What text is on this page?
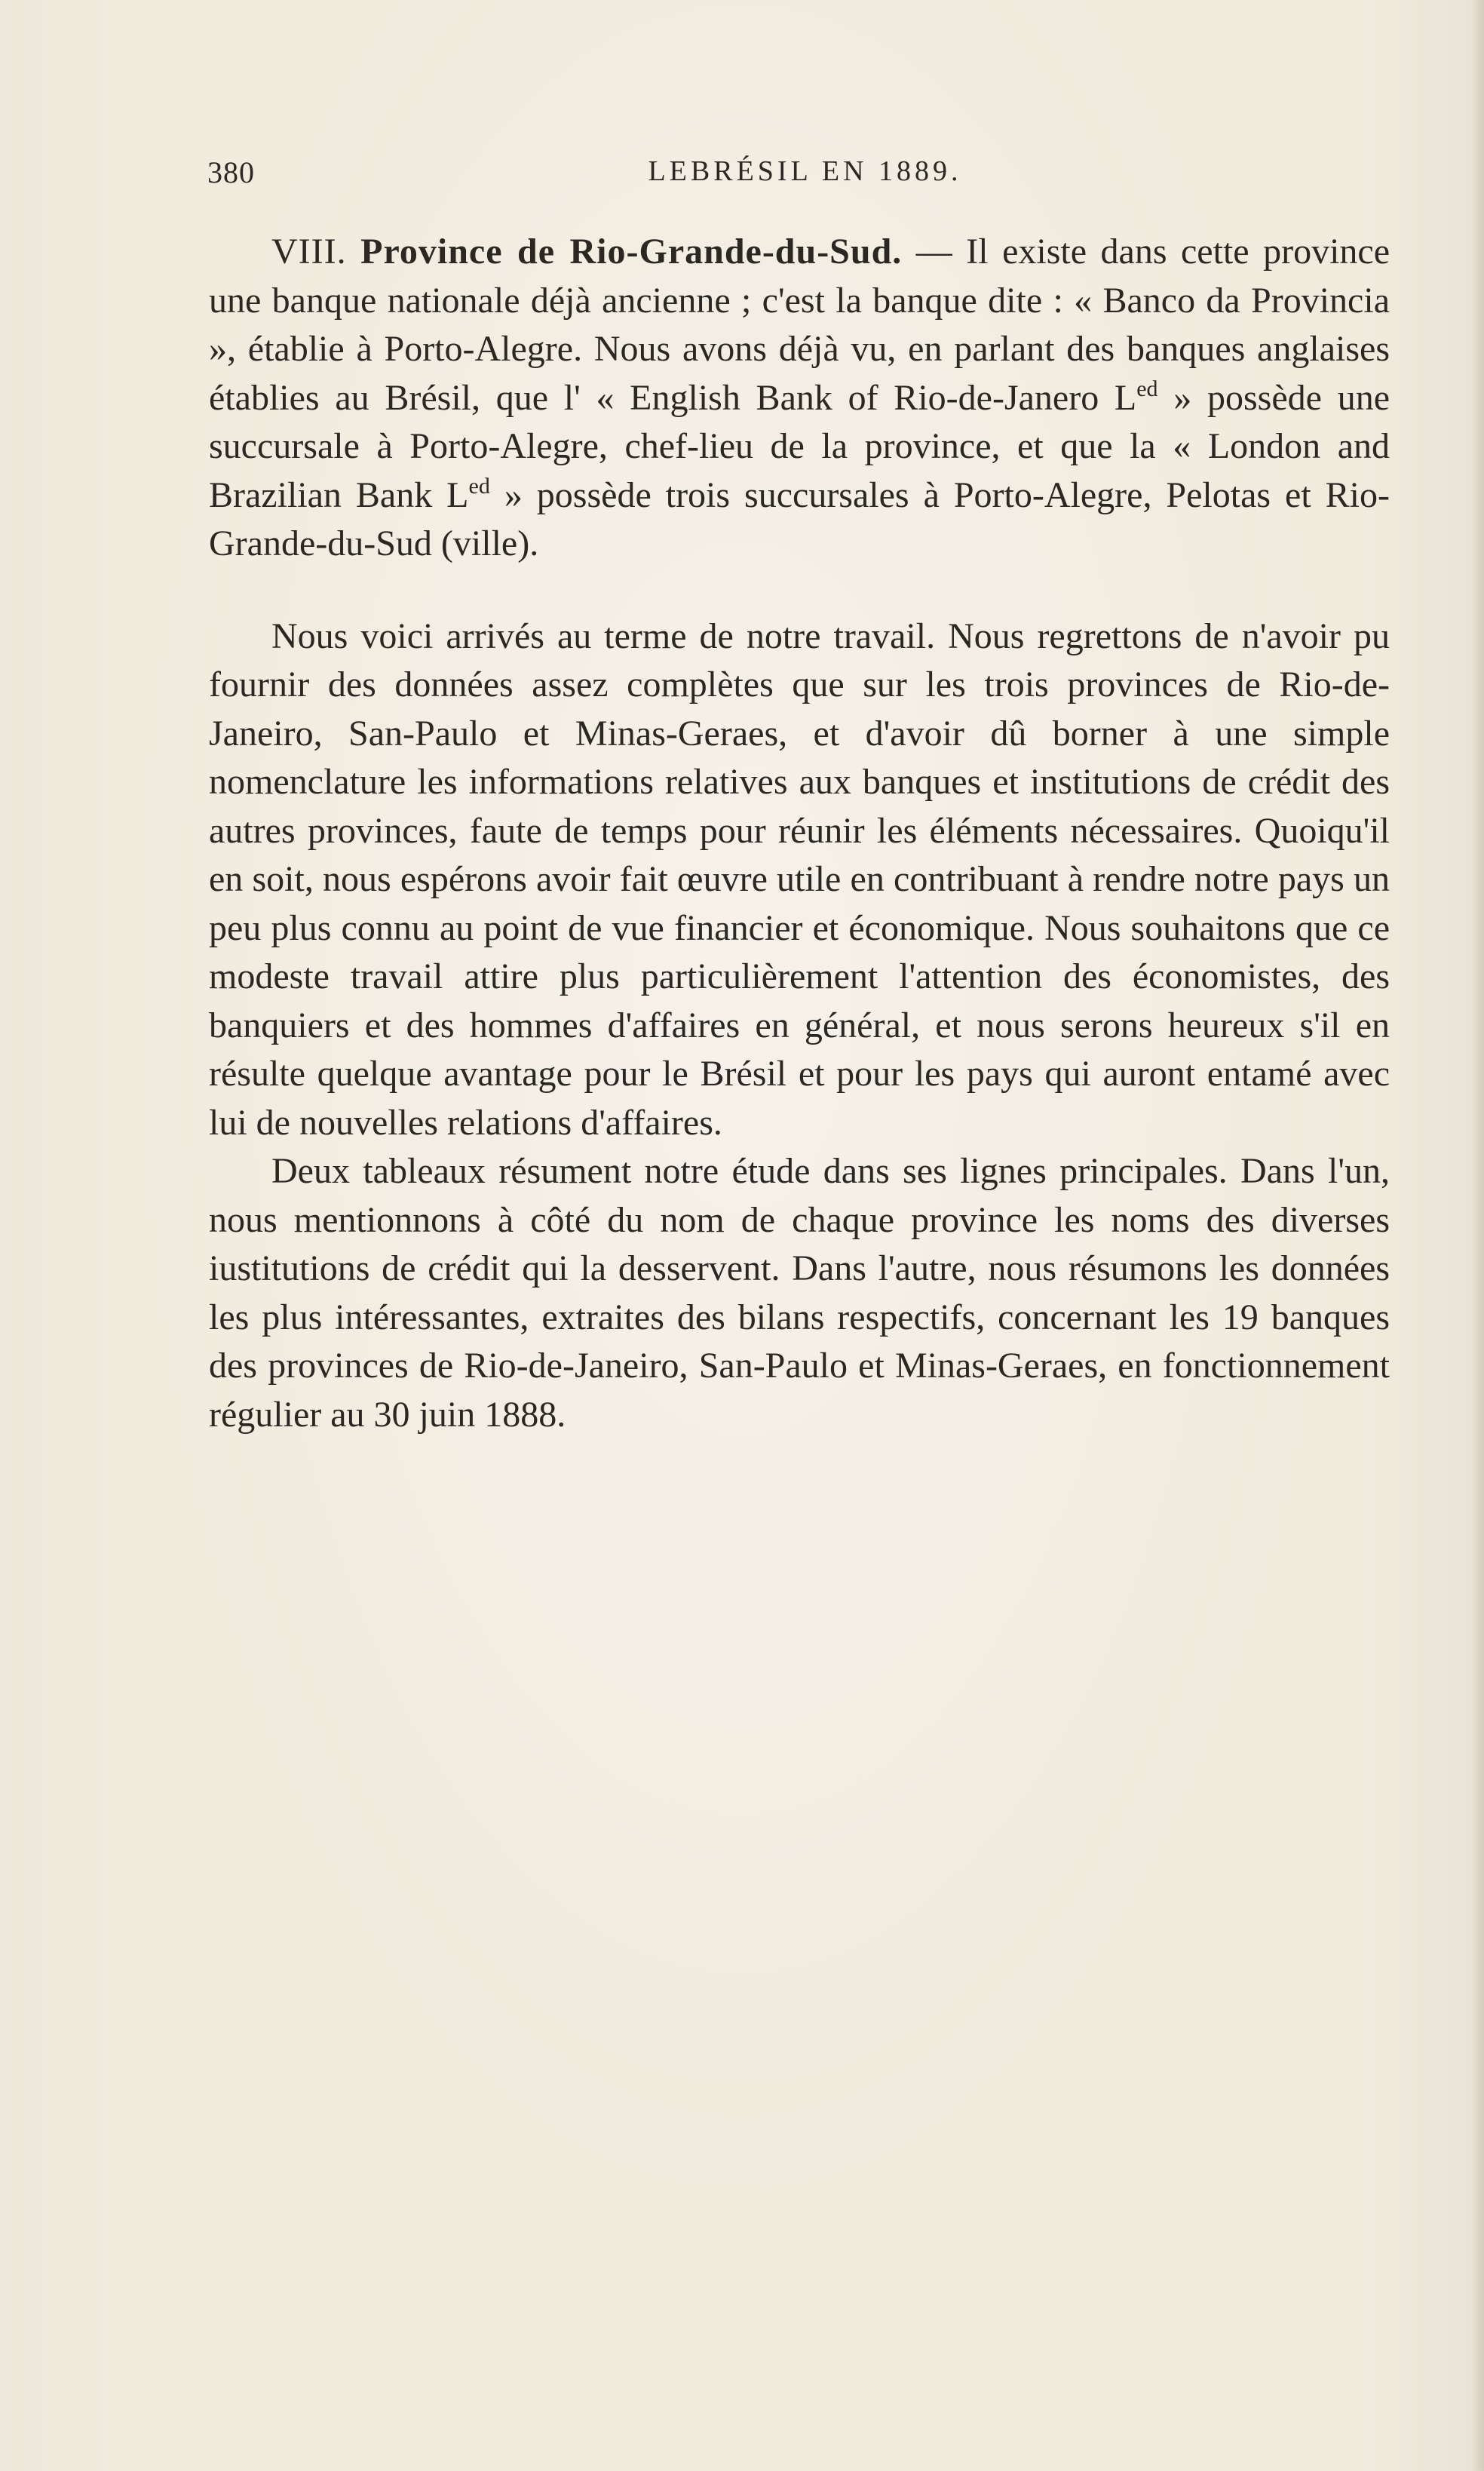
380	LEBRÉSIL EN 1889.

VIII. Province de Rio-Grande-du-Sud. — Il existe dans cette province une banque nationale déjà ancienne ; c'est la banque dite : « Banco da Provincia », établie à Porto-Alegre. Nous avons déjà vu, en parlant des banques anglaises établies au Brésil, que l' « English Bank of Rio-de-Janero $L^{ed}$ » possède une succursale à Porto-Alegre, chef-lieu de la province, et que la « London and Brazilian Bank $L^{ed}$ » possède trois succursales à Porto-Alegre, Pelotas et Rio-Grande-du-Sud (ville).

Nous voici arrivés au terme de notre travail. Nous regrettons de n'avoir pu fournir des données assez complètes que sur les trois provinces de Rio-de-Janeiro, San-Paulo et Minas-Geraes, et d'avoir dû borner à une simple nomenclature les informations relatives aux banques et institutions de crédit des autres provinces, faute de temps pour réunir les éléments nécessaires. Quoiqu'il en soit, nous espérons avoir fait œuvre utile en contribuant à rendre notre pays un peu plus connu au point de vue financier et économique. Nous souhaitons que ce modeste travail attire plus particulièrement l'attention des économistes, des banquiers et des hommes d'affaires en général, et nous serons heureux s'il en résulte quelque avantage pour le Brésil et pour les pays qui auront entamé avec lui de nouvelles relations d'affaires.

Deux tableaux résument notre étude dans ses lignes principales. Dans l'un, nous mentionnons à côté du nom de chaque province les noms des diverses iustitutions de crédit qui la desservent. Dans l'autre, nous résumons les données les plus intéressantes, extraites des bilans respectifs, concernant les 19 banques des provinces de Rio-de-Janeiro, San-Paulo et Minas-Geraes, en fonctionnement régulier au 30 juin 1888.
